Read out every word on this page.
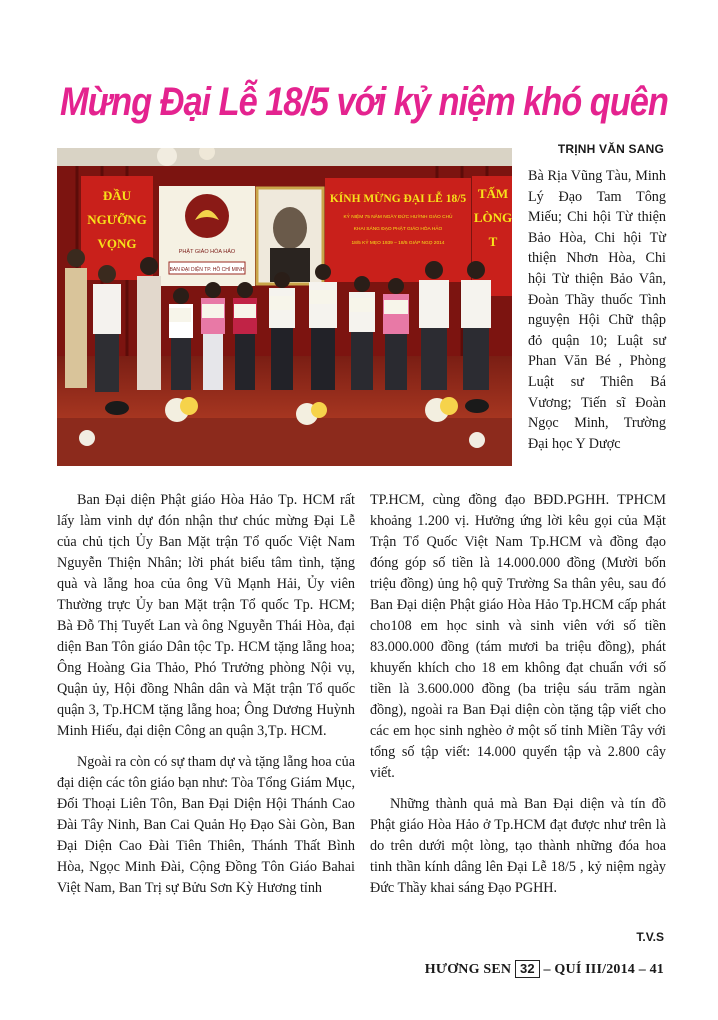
Mừng Đại Lễ 18/5 với kỷ niệm khó quên
TRỊNH VĂN SANG
ĐẦU
NGƯỠNG
VỌNG
TẤM
LÒNG
T
PHẬT GIÁO HÒA HẢO
BAN ĐẠI DIỆN TP. HỒ CHÍ MINH
KÍNH MỪNG ĐẠI LỄ 18/5
KỶ NIỆM 75 NĂM NGÀY ĐỨC HUỲNH GIÁO CHỦ
KHAI SÁNG ĐẠO PHẬT GIÁO HÒA HẢO
18/5 KỶ MẸO 1939 – 18/5 GIÁP NGỌ 2014

Bà Rịa Vũng Tàu, Minh Lý Đạo Tam Tông Miếu; Chi hội Từ thiện Bảo Hòa, Chi hội Từ thiện Nhơn Hòa, Chi hội Từ thiện Bảo Vân, Đoàn Thầy thuốc Tình nguyện Hội Chữ thập đỏ quận 10; Luật sư Phan Văn Bé , Phòng Luật sư Thiên Bá Vương; Tiến sĩ Đoàn Ngọc Minh, Trường Đại học Y Dược

Ban Đại diện Phật giáo Hòa Hảo Tp. HCM rất lấy làm vinh dự đón nhận thư chúc mừng Đại Lễ của chủ tịch Ủy Ban Mặt trận Tổ quốc Việt Nam Nguyễn Thiện Nhân; lời phát biểu tâm tình, tặng quà và lẵng hoa của ông Vũ Mạnh Hải, Ủy viên Thường trực Ủy ban Mặt trận Tổ quốc Tp. HCM; Bà Đỗ Thị Tuyết Lan và ông Nguyễn Thái Hòa, đại diện Ban Tôn giáo Dân tộc Tp. HCM tặng lẵng hoa; Ông Hoàng Gia Thảo, Phó Trưởng phòng Nội vụ, Quận ủy, Hội đồng Nhân dân và Mặt trận Tổ quốc quận 3, Tp.HCM tặng lẵng hoa; Ông Dương Huỳnh Minh Hiếu, đại diện Công an quận 3,Tp. HCM.

Ngoài ra còn có sự tham dự và tặng lẵng hoa của đại diện các tôn giáo bạn như: Tòa Tổng Giám Mục, Đối Thoại Liên Tôn, Ban Đại Diện Hội Thánh Cao Đài Tây Ninh, Ban Cai Quản Họ Đạo Sài Gòn, Ban Đại Diện Cao Đài Tiên Thiên, Thánh Thất Bình Hòa, Ngọc Minh Đài, Cộng Đồng Tôn Giáo Bahai Việt Nam, Ban Trị sự Bửu Sơn Kỳ Hương tỉnh

TP.HCM, cùng đồng đạo BĐD.PGHH. TPHCM khoảng 1.200 vị. Hưởng ứng lời kêu gọi của Mặt Trận Tổ Quốc Việt Nam Tp.HCM và đồng đạo đóng góp số tiền là 14.000.000 đồng (Mười bốn triệu đồng) ủng hộ quỹ Trường Sa thân yêu, sau đó Ban Đại diện Phật giáo Hòa Hảo Tp.HCM cấp phát cho108 em học sinh và sinh viên với số tiền 83.000.000 đồng (tám mươi ba triệu đồng), phát khuyến khích cho 18 em không đạt chuẩn với số tiền là 3.600.000 đồng (ba triệu sáu trăm ngàn đồng), ngoài ra Ban Đại diện còn tặng tập viết cho các em học sinh nghèo ở một số tỉnh Miền Tây với tổng số tập viết: 14.000 quyển tập và 2.800 cây viết.

Những thành quả mà Ban Đại diện và tín đồ Phật giáo Hòa Hảo ở Tp.HCM đạt được như trên là do trên dưới một lòng, tạo thành những đóa hoa tinh thần kính dâng lên Đại Lễ 18/5 , kỷ niệm ngày Đức Thầy khai sáng Đạo PGHH.

T.V.S
HƯƠNG SEN 32 – QUÍ III/2014 – 41
